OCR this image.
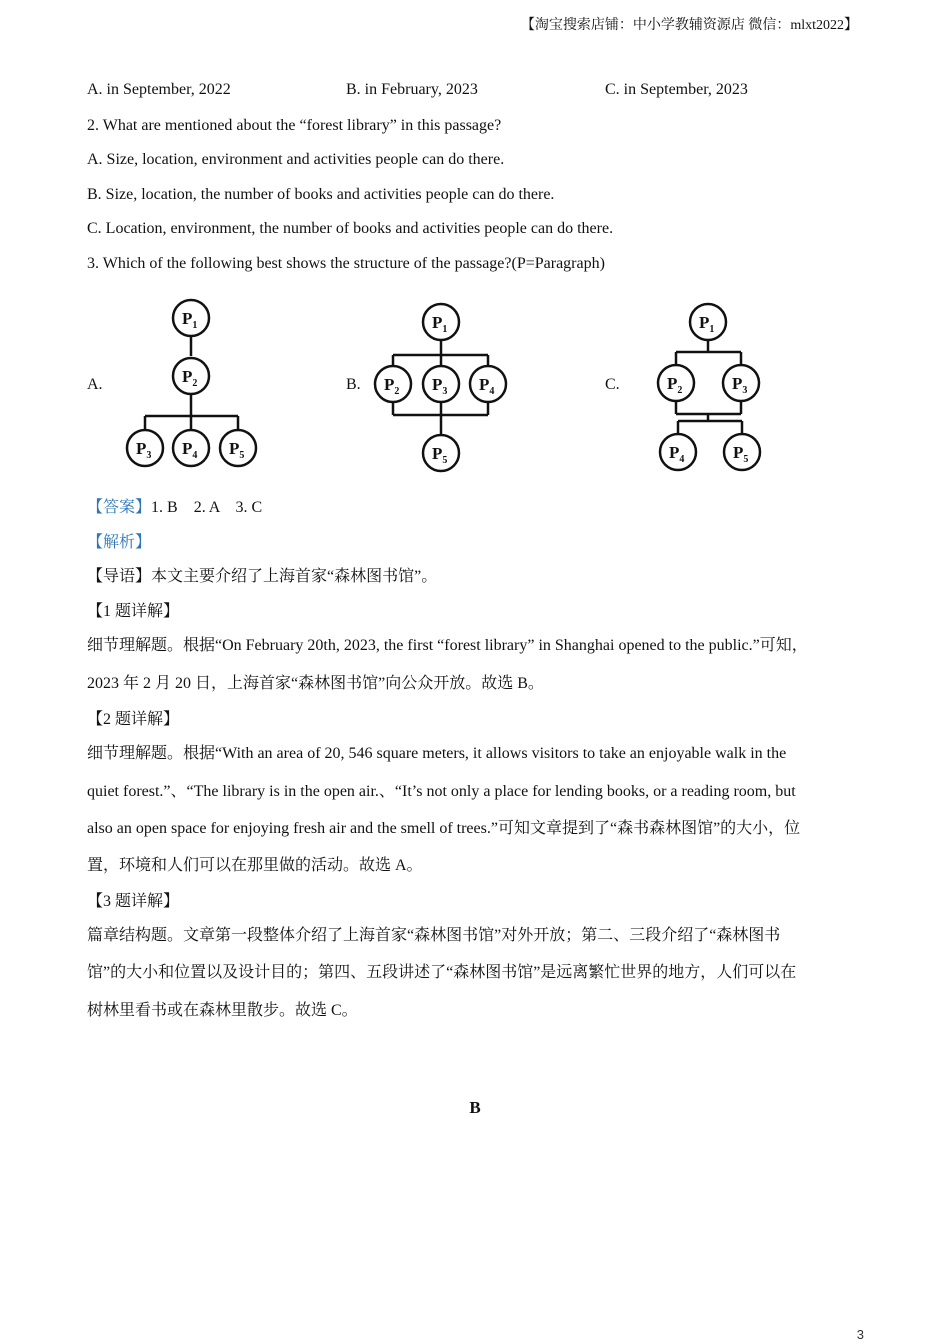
【淘宝搜索店铺：中小学教辅资源店 微信：mlxt2022】
A. in September, 2022	B. in February, 2023	C. in September, 2023
2. What are mentioned about the “forest library” in this passage?
A. Size, location, environment and activities people can do there.
B. Size, location, the number of books and activities people can do there.
C. Location, environment, the number of books and activities people can do there.
3. Which of the following best shows the structure of the passage?(P=Paragraph)
A.
$P_1$
$P_2$
$P_3$ $P_4$ $P_5$
B.
$P_1$
$P_2$ $P_3$ $P_4$
$P_5$
C.
$P_1$
$P_2$	$P_3$
$P_4$	$P_5$
【答案】1. B    2. A    3. C
【解析】
【导语】本文主要介绍了上海首家“森林图书馆”。
【1 题详解】
细节理解题。根据“On February 20th, 2023, the first “forest library” in Shanghai opened to the public.”可知，
2023 年 2 月 20 日，上海首家“森林图书馆”向公众开放。故选 B。
【2 题详解】
细节理解题。根据“With an area of 20, 546 square meters, it allows visitors to take an enjoyable walk in the
quiet forest.”、“The library is in the open air.、“It’s not only a place for lending books, or a reading room, but
also an open space for enjoying fresh air and the smell of trees.”可知文章提到了“森书森林图馆”的大小，位
置，环境和人们可以在那里做的活动。故选 A。
【3 题详解】
篇章结构题。文章第一段整体介绍了上海首家“森林图书馆”对外开放；第二、三段介绍了“森林图书
馆”的大小和位置以及设计目的；第四、五段讲述了“森林图书馆”是远离繁忙世界的地方，人们可以在
树林里看书或在森林里散步。故选 C。
B
3
